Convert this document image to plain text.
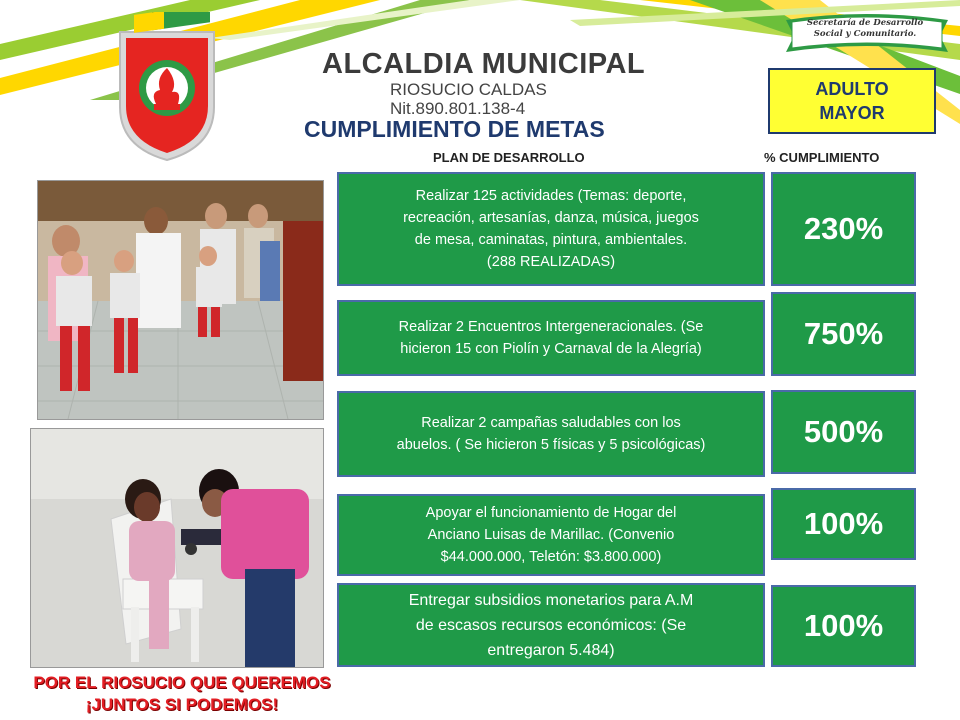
ALCALDIA MUNICIPAL
RIOSUCIO CALDAS
Nit.890.801.138-4
Secretaría de Desarrollo
Social y Comunitario.
ADULTO
MAYOR
CUMPLIMIENTO DE METAS
PLAN DE DESARROLLO	% CUMPLIMIENTO
POR EL RIOSUCIO QUE QUEREMOS
¡JUNTOS SI PODEMOS!
Realizar 125 actividades (Temas: deporte,
recreación, artesanías, danza, música, juegos
de mesa, caminatas, pintura, ambientales.
(288 REALIZADAS)
230%
Realizar 2 Encuentros Intergeneracionales. (Se
hicieron 15 con Piolín y Carnaval de la Alegría)	750%
Realizar 2 campañas saludables con los
abuelos. ( Se hicieron 5 físicas y 5 psicológicas)	500%
Apoyar el funcionamiento de Hogar del
Anciano Luisas de Marillac. (Convenio
$44.000.000, Teletón: $3.800.000)
100%
Entregar subsidios monetarios para A.M
de escasos recursos económicos: (Se
entregaron 5.484)
100%
